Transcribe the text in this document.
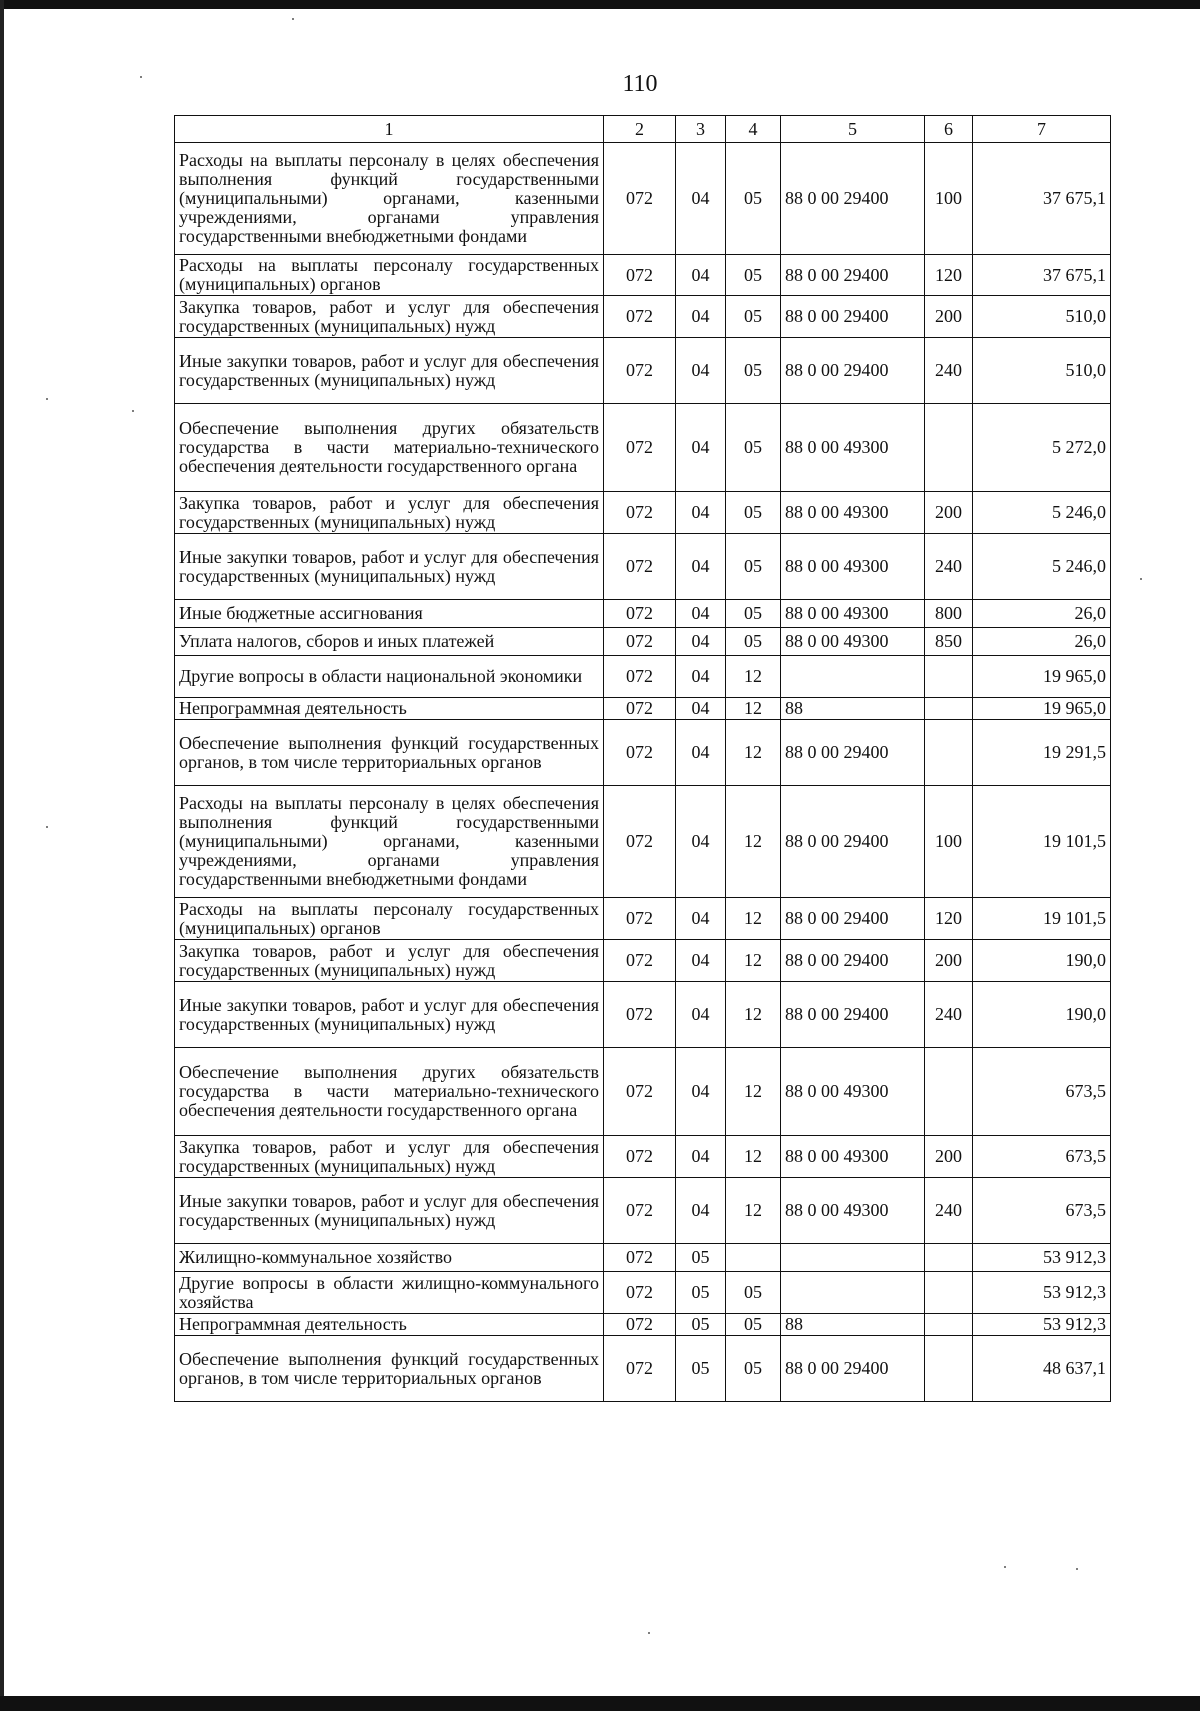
110
1	2	3	4	5	6	7
Расходы на выплаты персоналу в целях обеспечения выполнения функций государственными (муниципальными) органами, казенными учреждениями, органами управления государственными внебюджетными фондами	072	04	05	88 0 00 29400	100	37 675,1
Расходы на выплаты персоналу государственных (муниципальных) органов	072	04	05	88 0 00 29400	120	37 675,1
Закупка товаров, работ и услуг для обеспечения государственных (муниципальных) нужд	072	04	05	88 0 00 29400	200	510,0
Иные закупки товаров, работ и услуг для обеспечения государственных (муниципальных) нужд	072	04	05	88 0 00 29400	240	510,0
Обеспечение выполнения других обязательств государства в части материально-технического обеспечения деятельности государственного органа	072	04	05	88 0 00 49300		5 272,0
Закупка товаров, работ и услуг для обеспечения государственных (муниципальных) нужд	072	04	05	88 0 00 49300	200	5 246,0
Иные закупки товаров, работ и услуг для обеспечения государственных (муниципальных) нужд	072	04	05	88 0 00 49300	240	5 246,0
Иные бюджетные ассигнования	072	04	05	88 0 00 49300	800	26,0
Уплата налогов, сборов и иных платежей	072	04	05	88 0 00 49300	850	26,0
Другие вопросы в области национальной экономики	072	04	12			19 965,0
Непрограммная деятельность	072	04	12	88		19 965,0
Обеспечение выполнения функций государственных органов, в том числе территориальных органов	072	04	12	88 0 00 29400		19 291,5
Расходы на выплаты персоналу в целях обеспечения выполнения функций государственными (муниципальными) органами, казенными учреждениями, органами управления государственными внебюджетными фондами	072	04	12	88 0 00 29400	100	19 101,5
Расходы на выплаты персоналу государственных (муниципальных) органов	072	04	12	88 0 00 29400	120	19 101,5
Закупка товаров, работ и услуг для обеспечения государственных (муниципальных) нужд	072	04	12	88 0 00 29400	200	190,0
Иные закупки товаров, работ и услуг для обеспечения государственных (муниципальных) нужд	072	04	12	88 0 00 29400	240	190,0
Обеспечение выполнения других обязательств государства в части материально-технического обеспечения деятельности государственного органа	072	04	12	88 0 00 49300		673,5
Закупка товаров, работ и услуг для обеспечения государственных (муниципальных) нужд	072	04	12	88 0 00 49300	200	673,5
Иные закупки товаров, работ и услуг для обеспечения государственных (муниципальных) нужд	072	04	12	88 0 00 49300	240	673,5
Жилищно-коммунальное хозяйство	072	05				53 912,3
Другие вопросы в области жилищно-коммунального хозяйства	072	05	05			53 912,3
Непрограммная деятельность	072	05	05	88		53 912,3
Обеспечение выполнения функций государственных органов, в том числе территориальных органов	072	05	05	88 0 00 29400		48 637,1
